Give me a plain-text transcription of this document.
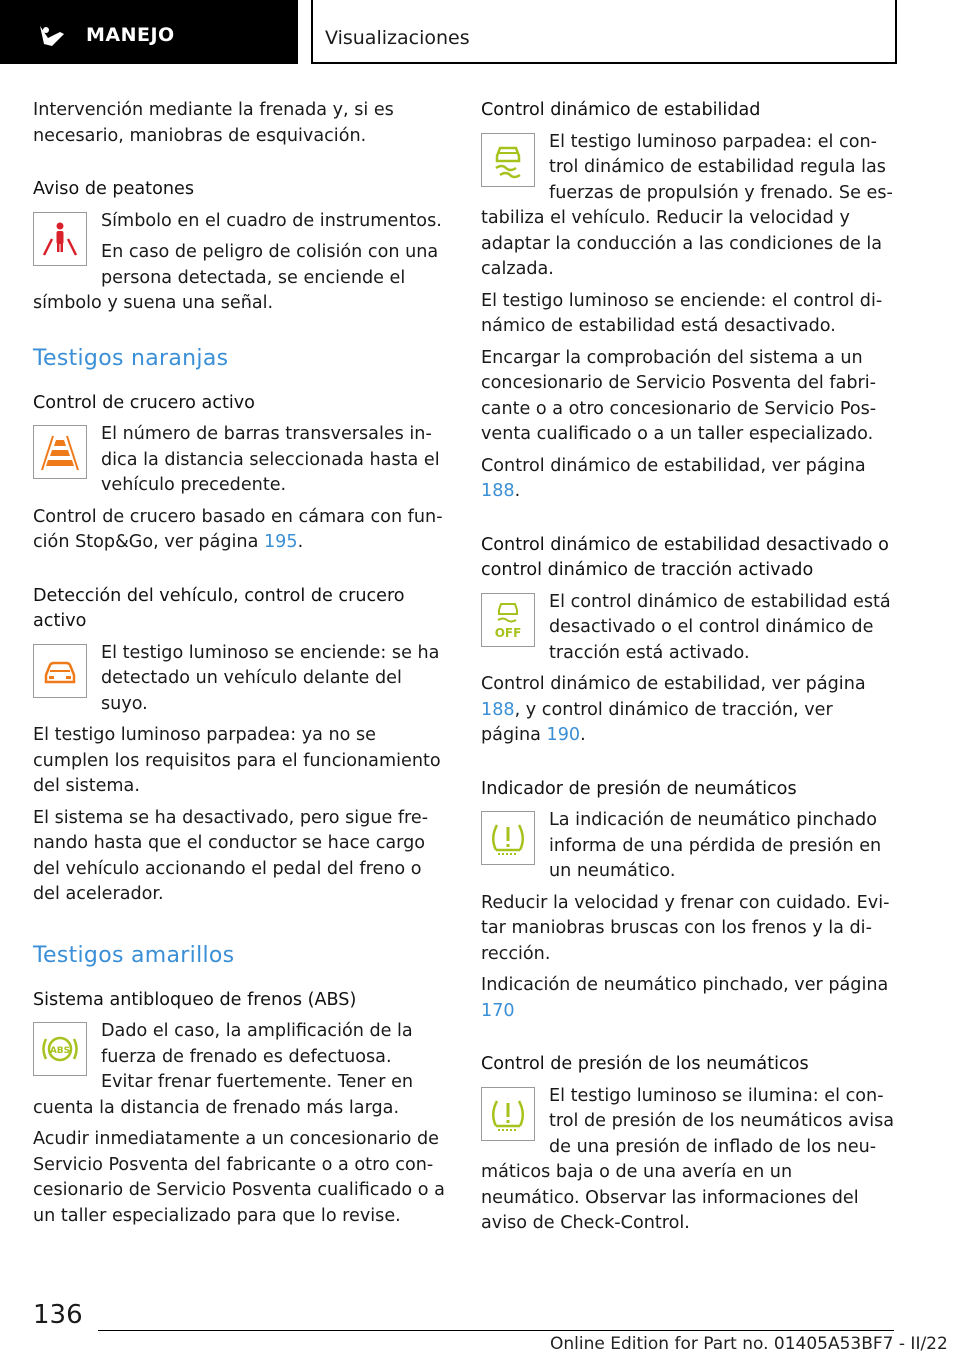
MANEJO	Visualizaciones

Intervención mediante la frenada y, si es necesario, maniobras de esquivación.

Aviso de peatones

Símbolo en el cuadro de instrumentos.

En caso de peligro de colisión con una persona detectada, se enciende el símbolo y suena una señal.

Testigos naranjas
Control de crucero activo

El número de barras transversales indica la distancia seleccionada hasta el vehículo precedente.

Control de crucero basado en cámara con función Stop&Go, ver página 195.

Detección del vehículo, control de crucero activo

El testigo luminoso se enciende: se ha detectado un vehículo delante del suyo.

El testigo luminoso parpadea: ya no se cumplen los requisitos para el funcionamiento del sistema.

El sistema se ha desactivado, pero sigue frenando hasta que el conductor se hace cargo del vehículo accionando el pedal del freno o del acelerador.

Testigos amarillos
Sistema antibloqueo de frenos (ABS)
ABS

Dado el caso, la amplificación de la fuerza de frenado es defectuosa. Evitar frenar fuertemente. Tener en cuenta la distancia de frenado más larga.

Acudir inmediatamente a un concesionario de Servicio Posventa del fabricante o a otro concesionario de Servicio Posventa cualificado o a un taller especializado para que lo revise.

Control dinámico de estabilidad

El testigo luminoso parpadea: el control dinámico de estabilidad regula las fuerzas de propulsión y frenado. Se estabiliza el vehículo. Reducir la velocidad y adaptar la conducción a las condiciones de la calzada.

El testigo luminoso se enciende: el control dinámico de estabilidad está desactivado.

Encargar la comprobación del sistema a un concesionario de Servicio Posventa del fabricante o a otro concesionario de Servicio Posventa cualificado o a un taller especializado.

Control dinámico de estabilidad, ver página 188.

Control dinámico de estabilidad desactivado o control dinámico de tracción activado
OFF

El control dinámico de estabilidad está desactivado o el control dinámico de tracción está activado.

Control dinámico de estabilidad, ver página 188, y control dinámico de tracción, ver página 190.

Indicador de presión de neumáticos

La indicación de neumático pinchado informa de una pérdida de presión en un neumático.

Reducir la velocidad y frenar con cuidado. Evitar maniobras bruscas con los frenos y la dirección.

Indicación de neumático pinchado, ver página 170

Control de presión de los neumáticos

El testigo luminoso se ilumina: el control de presión de los neumáticos avisa de una presión de inflado de los neumáticos baja o de una avería en un neumático. Observar las informaciones del aviso de Check-Control.

136
Online Edition for Part no. 01405A53BF7 - II/22
